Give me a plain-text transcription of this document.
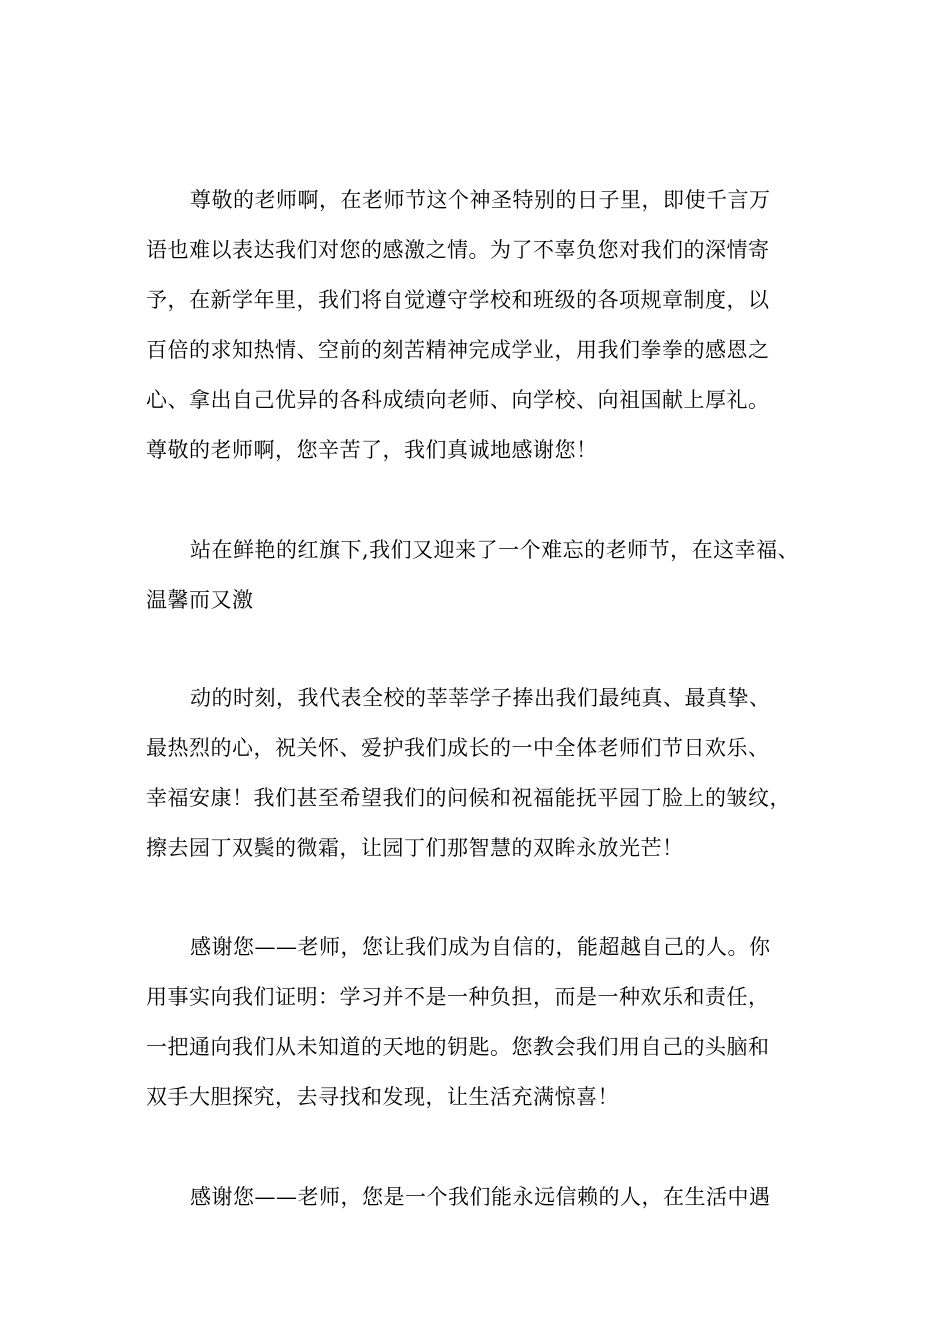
尊敬的老师啊，在老师节这个神圣特别的日子里，即使千言万
语也难以表达我们对您的感激之情。为了不辜负您对我们的深情寄
予，在新学年里，我们将自觉遵守学校和班级的各项规章制度，以
百倍的求知热情、空前的刻苦精神完成学业，用我们拳拳的感恩之
心、拿出自己优异的各科成绩向老师、向学校、向祖国献上厚礼。
尊敬的老师啊，您辛苦了，我们真诚地感谢您！
站在鲜艳的红旗下,我们又迎来了一个难忘的老师节，在这幸福、
温馨而又激
动的时刻，我代表全校的莘莘学子捧出我们最纯真、最真挚、
最热烈的心，祝关怀、爱护我们成长的一中全体老师们节日欢乐、
幸福安康！我们甚至希望我们的问候和祝福能抚平园丁脸上的皱纹，
擦去园丁双鬓的微霜，让园丁们那智慧的双眸永放光芒！
感谢您——老师，您让我们成为自信的，能超越自己的人。你
用事实向我们证明：学习并不是一种负担，而是一种欢乐和责任，
一把通向我们从未知道的天地的钥匙。您教会我们用自己的头脑和
双手大胆探究，去寻找和发现，让生活充满惊喜！
感谢您——老师，您是一个我们能永远信赖的人，在生活中遇
